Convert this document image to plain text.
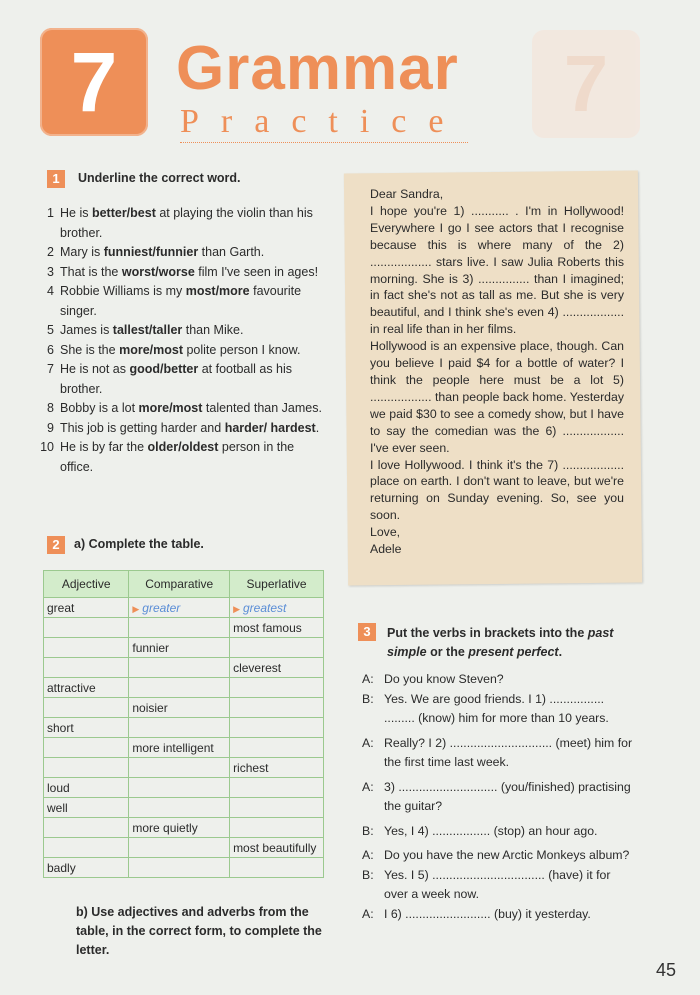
7
7 Grammar
Practice
1	Underline the correct word.
1 He is better/best at playing the violin than his brother.
2 Mary is funniest/funnier than Garth.
3 That is the worst/worse film I've seen in ages!
4 Robbie Williams is my most/more favourite singer.
5 James is tallest/taller than Mike.
6 She is the more/most polite person I know.
7 He is not as good/better at football as his brother.
8 Bobby is a lot more/most talented than James.
9 This job is getting harder and harder/ hardest.
10 He is by far the older/oldest person in the office.
2	a) Complete the table.
Adjective	Comparative	Superlative
great	▶ greater	▶ greatest
		most famous
	funnier	
		cleverest
attractive		
	noisier	
short		
	more intelligent	
		richest
loud		
well		
	more quietly	
		most beautifully
badly		
b) Use adjectives and adverbs from the table, in the correct form, to complete the letter.

Dear Sandra,

I hope you're 1) ........... . I'm in Hollywood! Everywhere I go I see actors that I recognise because this is where many of the 2) .................. stars live. I saw Julia Roberts this morning. She is 3) ............... than I imagined; in fact she's not as tall as me. But she is very beautiful, and I think she's even 4) .................. in real life than in her films.

Hollywood is an expensive place, though. Can you believe I paid $4 for a bottle of water? I think the people here must be a lot 5) .................. than people back home. Yesterday we paid $30 to see a comedy show, but I have to say the comedian was the 6) .................. I've ever seen.

I love Hollywood. I think it's the 7) .................. place on earth. I don't want to leave, but we're returning on Sunday evening. So, see you soon.

Love,

Adele

3	Put the verbs in brackets into the past simple or the present perfect.
A: Do you know Steven?
B: Yes. We are good friends. I 1) ................ ......... (know) him for more than 10 years.
A: Really? I 2) .............................. (meet) him for the first time last week.
A: 3) ............................. (you/finished) practising the guitar?
B: Yes, I 4) ................. (stop) an hour ago.
A: Do you have the new Arctic Monkeys album?
B: Yes. I 5) ................................. (have) it for over a week now.
A: I 6) ......................... (buy) it yesterday.
45
